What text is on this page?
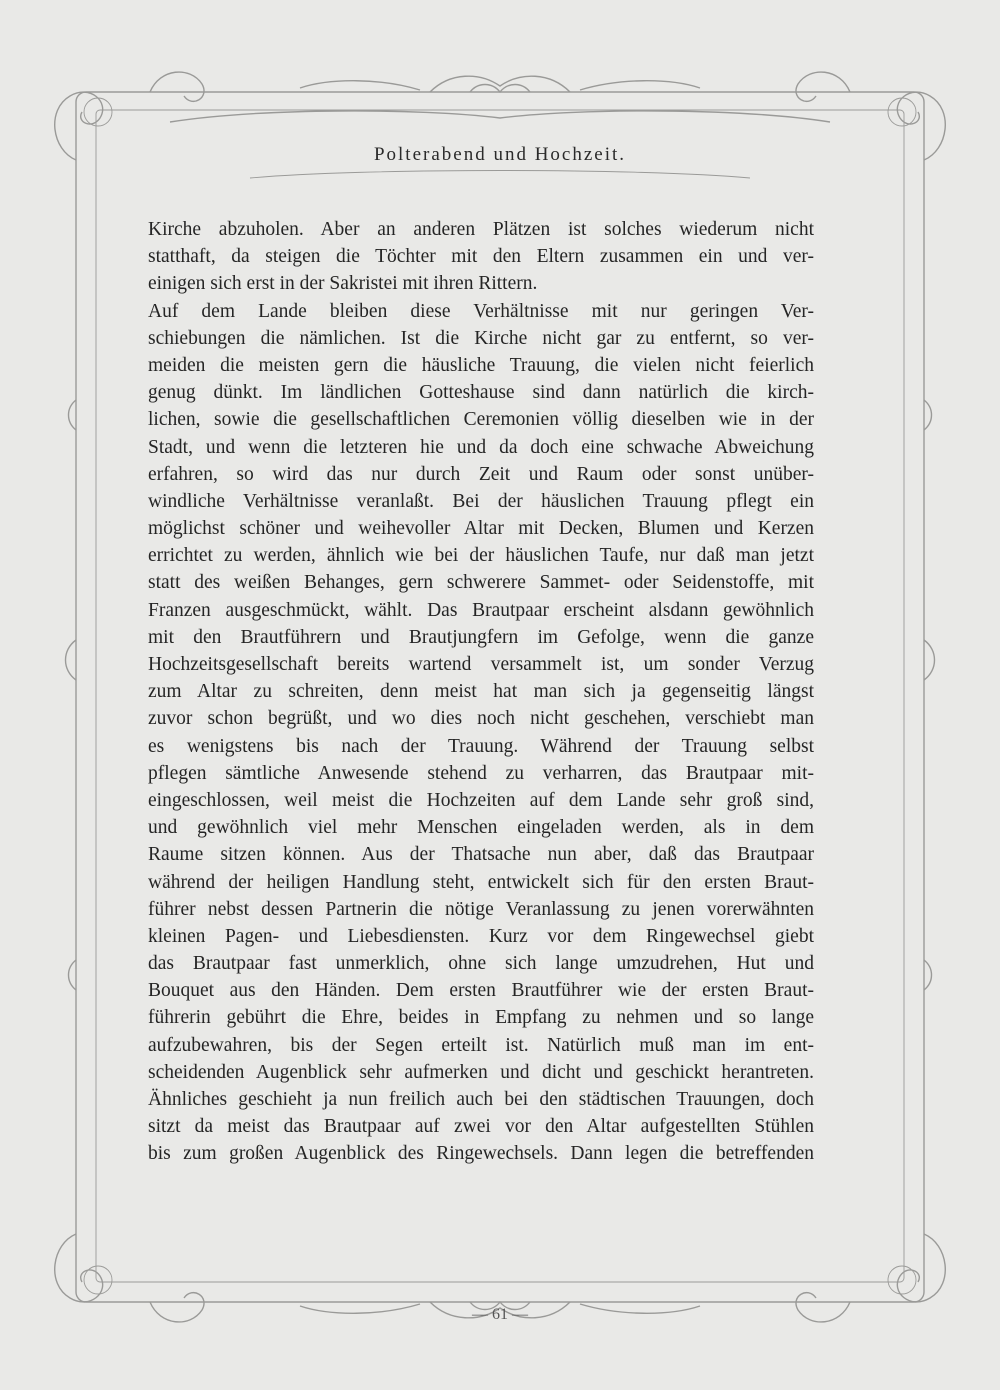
Polterabend und Hochzeit.
Kirche abzuholen. Aber an anderen Plätzen ist solches wiederum nicht
statthaft, da steigen die Töchter mit den Eltern zusammen ein und ver-
einigen sich erst in der Sakristei mit ihren Rittern.
Auf dem Lande bleiben diese Verhältnisse mit nur geringen Ver-
schiebungen die nämlichen. Ist die Kirche nicht gar zu entfernt, so ver-
meiden die meisten gern die häusliche Trauung, die vielen nicht feierlich
genug dünkt. Im ländlichen Gotteshause sind dann natürlich die kirch-
lichen, sowie die gesellschaftlichen Ceremonien völlig dieselben wie in der
Stadt, und wenn die letzteren hie und da doch eine schwache Abweichung
erfahren, so wird das nur durch Zeit und Raum oder sonst unüber-
windliche Verhältnisse veranlaßt. Bei der häuslichen Trauung pflegt ein
möglichst schöner und weihevoller Altar mit Decken, Blumen und Kerzen
errichtet zu werden, ähnlich wie bei der häuslichen Taufe, nur daß man jetzt
statt des weißen Behanges, gern schwerere Sammet- oder Seidenstoffe, mit
Franzen ausgeschmückt, wählt. Das Brautpaar erscheint alsdann gewöhnlich
mit den Brautführern und Brautjungfern im Gefolge, wenn die ganze
Hochzeitsgesellschaft bereits wartend versammelt ist, um sonder Verzug
zum Altar zu schreiten, denn meist hat man sich ja gegenseitig längst
zuvor schon begrüßt, und wo dies noch nicht geschehen, verschiebt man
es wenigstens bis nach der Trauung. Während der Trauung selbst
pflegen sämtliche Anwesende stehend zu verharren, das Brautpaar mit-
eingeschlossen, weil meist die Hochzeiten auf dem Lande sehr groß sind,
und gewöhnlich viel mehr Menschen eingeladen werden, als in dem
Raume sitzen können. Aus der Thatsache nun aber, daß das Brautpaar
während der heiligen Handlung steht, entwickelt sich für den ersten Braut-
führer nebst dessen Partnerin die nötige Veranlassung zu jenen vorerwähnten
kleinen Pagen- und Liebesdiensten. Kurz vor dem Ringewechsel giebt
das Brautpaar fast unmerklich, ohne sich lange umzudrehen, Hut und
Bouquet aus den Händen. Dem ersten Brautführer wie der ersten Braut-
führerin gebührt die Ehre, beides in Empfang zu nehmen und so lange
aufzubewahren, bis der Segen erteilt ist. Natürlich muß man im ent-
scheidenden Augenblick sehr aufmerken und dicht und geschickt herantreten.
Ähnliches geschieht ja nun freilich auch bei den städtischen Trauungen, doch
sitzt da meist das Brautpaar auf zwei vor den Altar aufgestellten Stühlen
bis zum großen Augenblick des Ringewechsels. Dann legen die betreffenden
— 61 —
